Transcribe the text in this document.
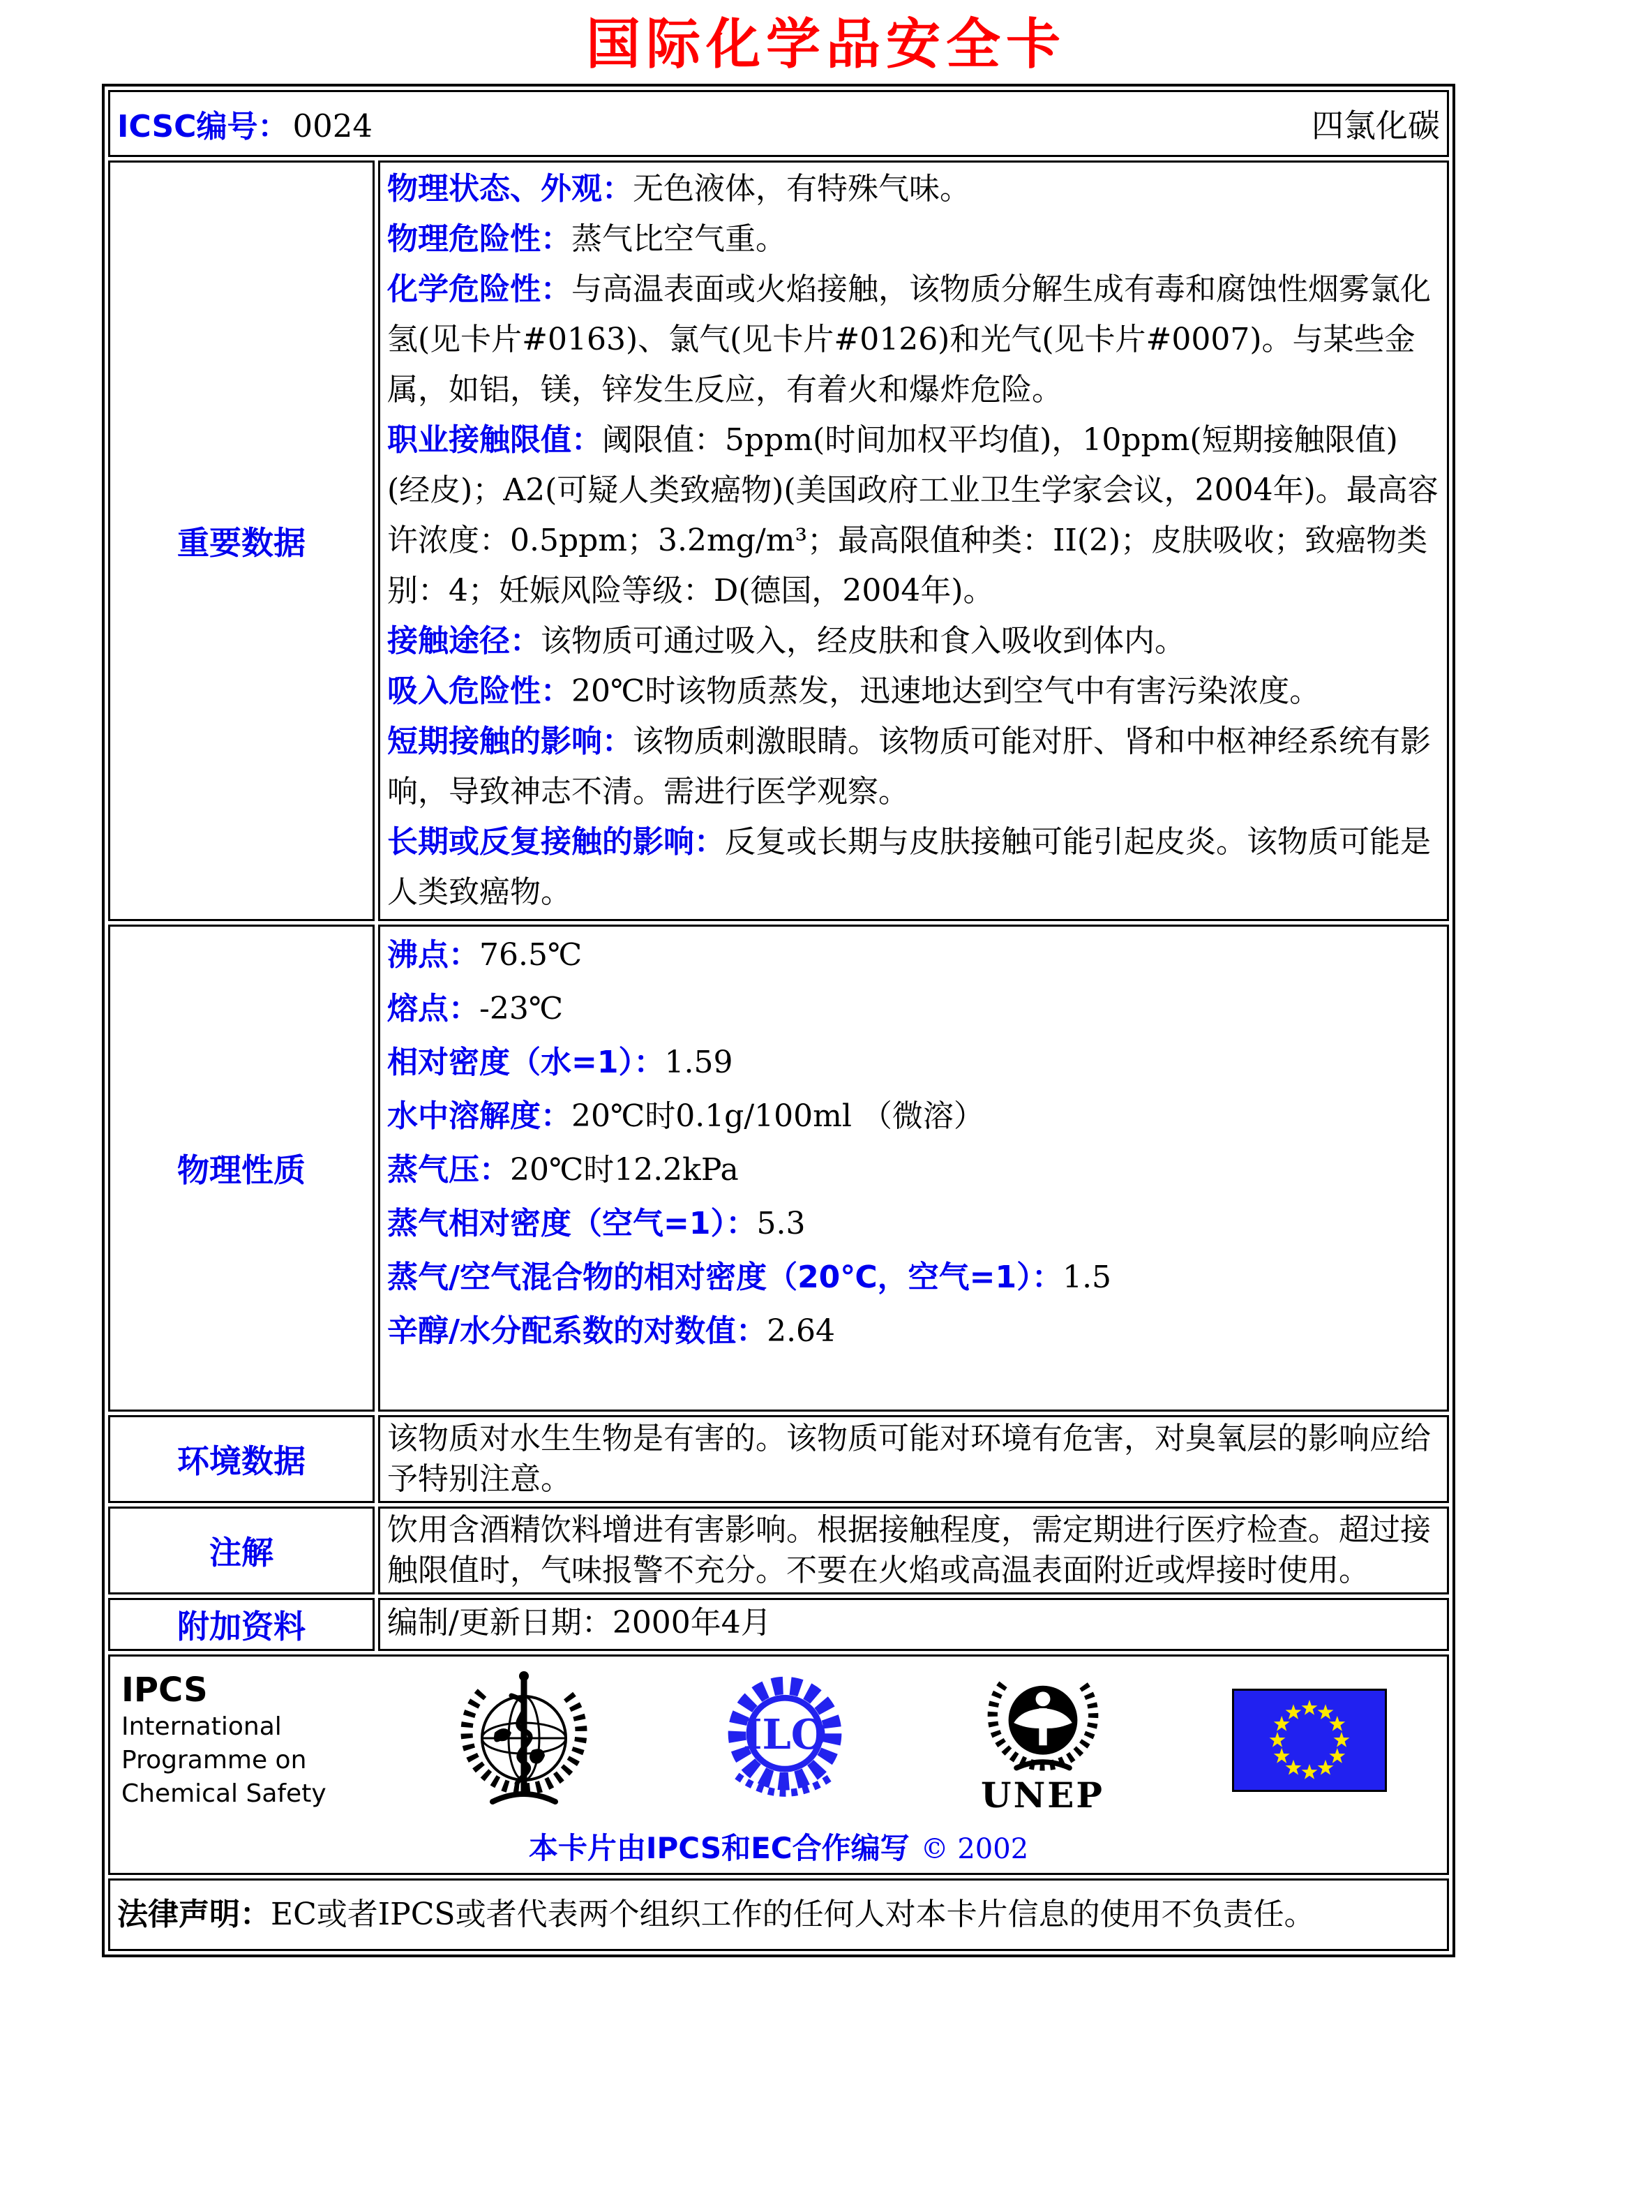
国际化学品安全卡
ICSC编号： 0024 四氯化碳	

重要数据	
物理状态、外观：无色液体，有特殊气味。
物理危险性：蒸气比空气重。
化学危险性：与高温表面或火焰接触，该物质分解生成有毒和腐蚀性烟雾氯化氢(见卡片#0163)、氯气(见卡片#0126)和光气(见卡片#0007)。与某些金属，如铝，镁，锌发生反应，有着火和爆炸危险。
职业接触限值：阈限值：5ppm(时间加权平均值)，10ppm(短期接触限值)(经皮)；A2(可疑人类致癌物)(美国政府工业卫生学家会议，2004年)。最高容许浓度：0.5ppm；3.2mg/m³；最高限值种类：II(2)；皮肤吸收；致癌物类别：4；妊娠风险等级：D(德国，2004年)。
接触途径：该物质可通过吸入，经皮肤和食入吸收到体内。
吸入危险性：20℃时该物质蒸发，迅速地达到空气中有害污染浓度。
短期接触的影响：该物质刺激眼睛。该物质可能对肝、肾和中枢神经系统有影响，导致神志不清。需进行医学观察。
长期或反复接触的影响：反复或长期与皮肤接触可能引起皮炎。该物质可能是人类致癌物。

物理性质	
沸点：76.5℃
熔点：-23℃
相对密度（水=1）：1.59
水中溶解度：20℃时0.1g/100ml （微溶）
蒸气压：20℃时12.2kPa
蒸气相对密度（空气=1）：5.3
蒸气/空气混合物的相对密度（20℃，空气=1）：1.5
辛醇/水分配系数的对数值：2.64

环境数据	该物质对水生生物是有害的。该物质可能对环境有危害，对臭氧层的影响应给予特别注意。
注解	饮用含酒精饮料增进有害影响。根据接触程度，需定期进行医疗检查。超过接触限值时，气味报警不充分。不要在火焰或高温表面附近或焊接时使用。
附加资料	编制/更新日期：2000年4月

IPCS
International
Programme on
Chemical Safety
ILO
UNEP
本卡片由IPCS和EC合作编写 © 2002

法律声明：EC或者IPCS或者代表两个组织工作的任何人对本卡片信息的使用不负责任。	
